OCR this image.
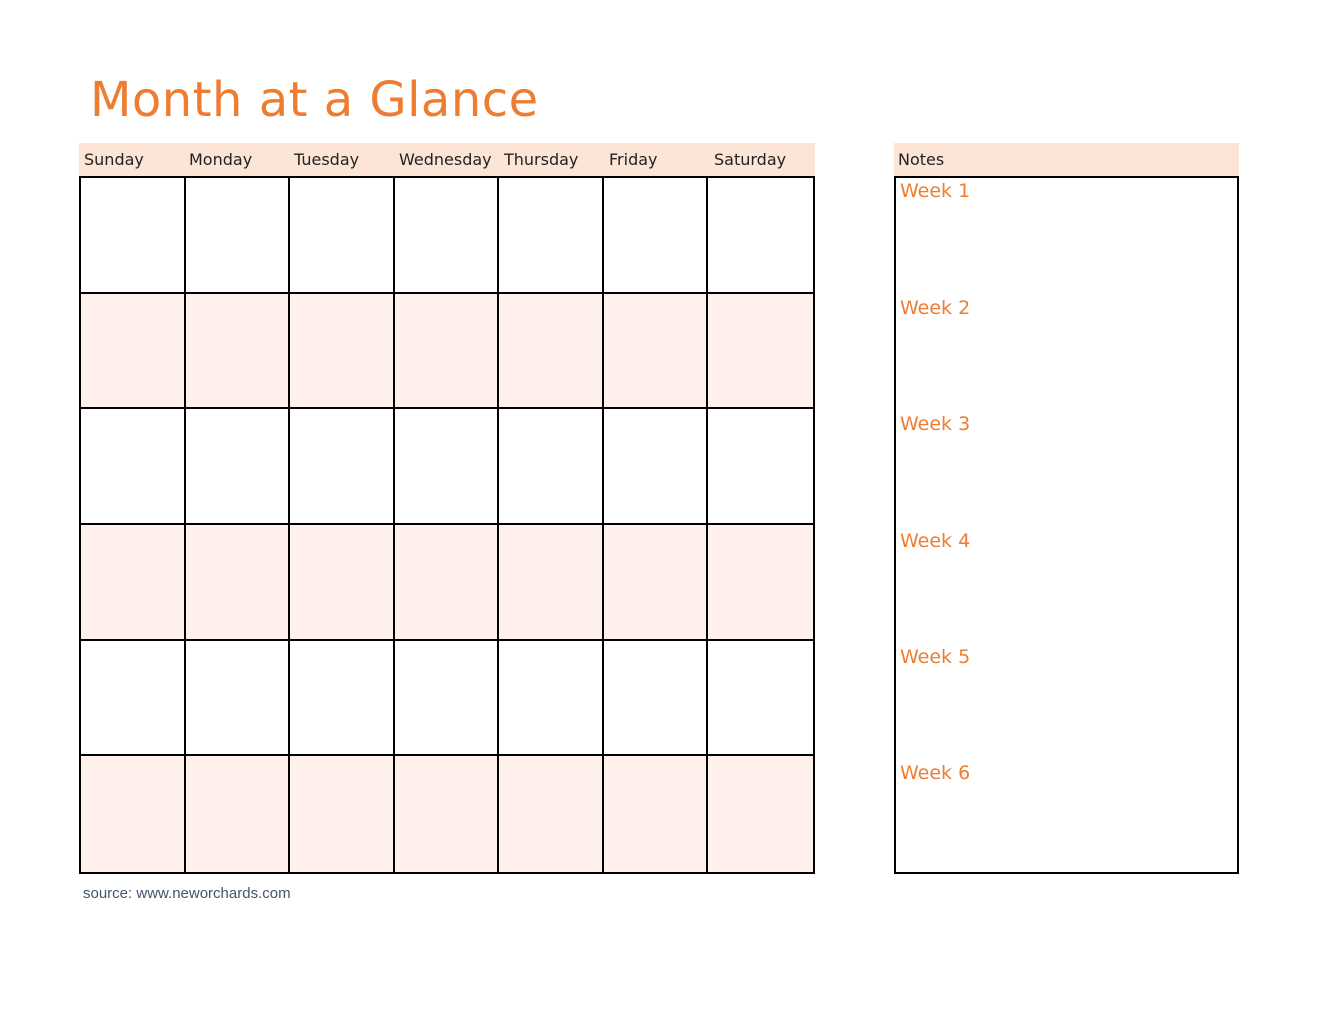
Month at a Glance
Sunday	Monday	Tuesday	Wednesday Thursday	Friday	Saturday	Notes
Week 1
Week 2
Week 3
Week 4
Week 5
Week 6
source: www.neworchards.com
